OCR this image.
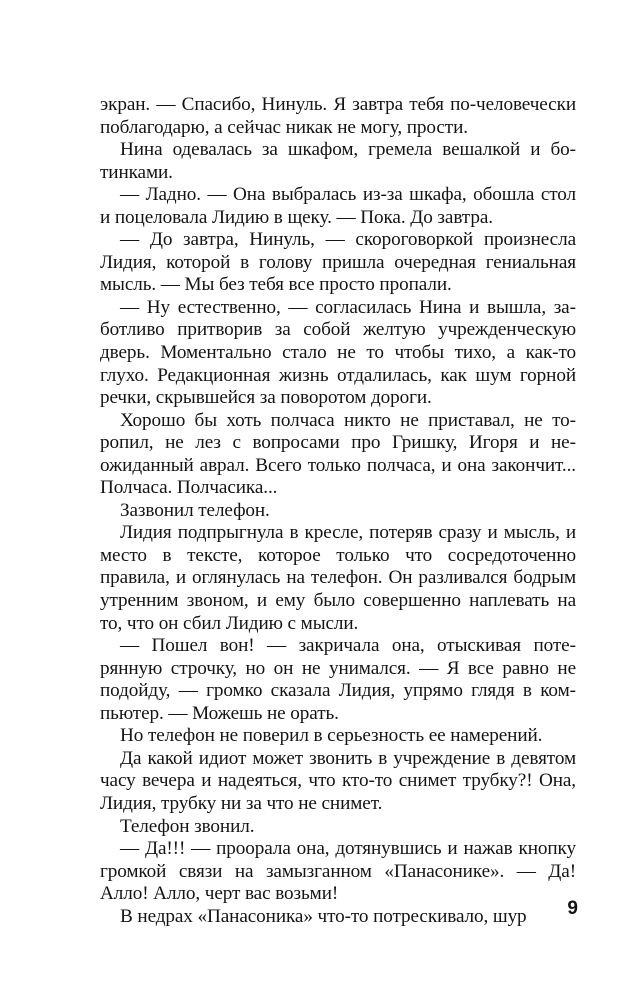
экран. — Спасибо, Нинуль. Я завтра тебя по-человечески поблагодарю, а сейчас никак не могу, прости.

Нина одевалась за шкафом, гремела вешалкой и ботинками.

— Ладно. — Она выбралась из-за шкафа, обошла стол и поцеловала Лидию в щеку. — Пока. До завтра.

— До завтра, Нинуль, — скороговоркой произнесла Лидия, которой в голову пришла очередная гениальная мысль. — Мы без тебя все просто пропали.

— Ну естественно, — согласилась Нина и вышла, заботливо притворив за собой желтую учрежденческую дверь. Моментально стало не то чтобы тихо, а как-то глухо. Редакционная жизнь отдалилась, как шум горной речки, скрывшейся за поворотом дороги.

Хорошо бы хоть полчаса никто не приставал, не торопил, не лез с вопросами про Гришку, Игоря и неожиданный аврал. Всего только полчаса, и она закончит... Полчаса. Полчасика...

Зазвонил телефон.

Лидия подпрыгнула в кресле, потеряв сразу и мысль, и место в тексте, которое только что сосредоточенно правила, и оглянулась на телефон. Он разливался бодрым утренним звоном, и ему было совершенно наплевать на то, что он сбил Лидию с мысли.

— Пошел вон! — закричала она, отыскивая потерянную строчку, но он не унимался. — Я все равно не подойду, — громко сказала Лидия, упрямо глядя в компьютер. — Можешь не орать.

Но телефон не поверил в серьезность ее намерений.

Да какой идиот может звонить в учреждение в девятом часу вечера и надеяться, что кто-то снимет трубку?! Она, Лидия, трубку ни за что не снимет.

Телефон звонил.

— Да!!! — проорала она, дотянувшись и нажав кнопку громкой связи на замызганном «Панасонике». — Да! Алло! Алло, черт вас возьми!

В недрах «Панасоника» что-то потрескивало, шур	9
